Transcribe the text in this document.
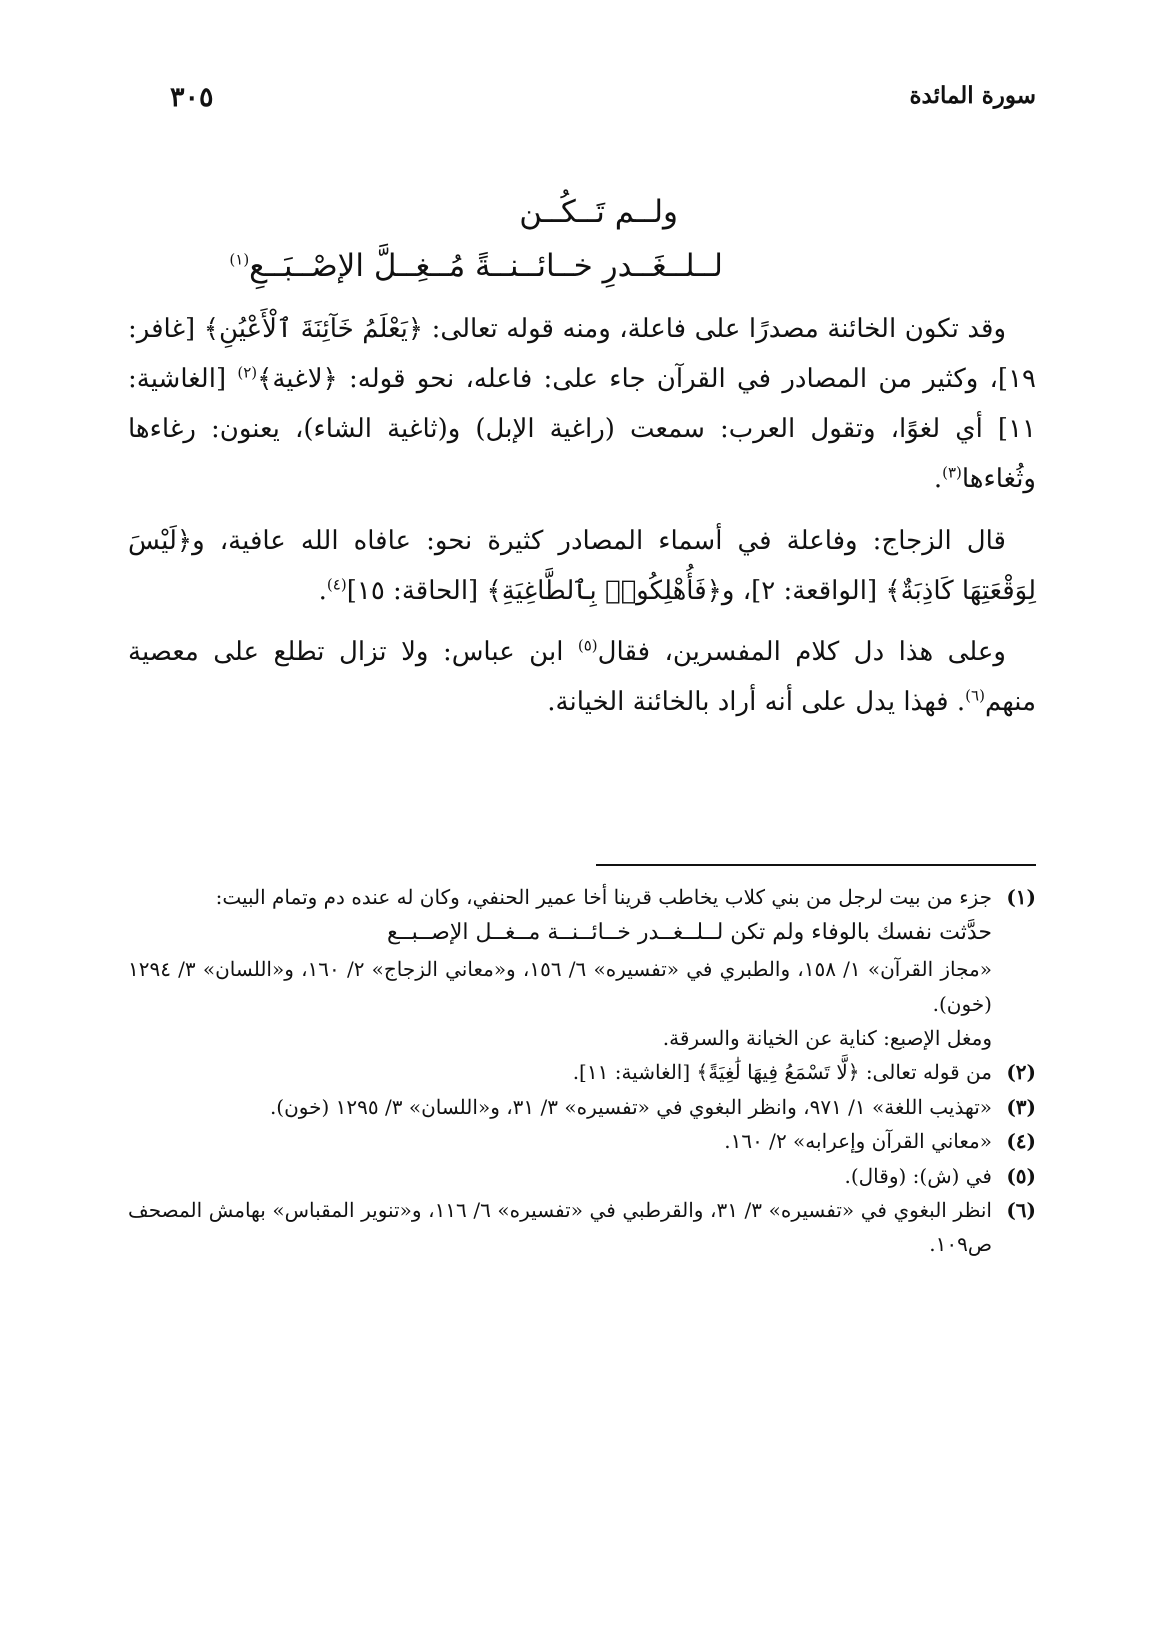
سورة المائدة
٣٠٥
ولــم تَــكُــن
لــلــغَــدرِ خــائــنــةً مُــغِــلَّ الإصْــبَــعِ$^{(١)}$

وقد تكون الخائنة مصدرًا على فاعلة، ومنه قوله تعالى: ﴿يَعْلَمُ خَآئِنَةَ ٱلْأَعْيُنِ﴾ [غافر: ١٩]، وكثير من المصادر في القرآن جاء على: فاعله، نحو قوله: ﴿لاغية﴾$^{(٢)}$ [الغاشية: ١١] أي لغوًا، وتقول العرب: سمعت (راغية الإبل) و(ثاغية الشاء)، يعنون: رغاءها وثُغاءها$^{(٣)}$.

قال الزجاج: وفاعلة في أسماء المصادر كثيرة نحو: عافاه الله عافية، و﴿لَيْسَ لِوَقْعَتِهَا كَاذِبَةٌ﴾ [الواقعة: ٢]، و﴿فَأُهْلِكُوا۟ بِٱلطَّاغِيَةِ﴾ [الحاقة: ١٥]$^{(٤)}$.

وعلى هذا دل كلام المفسرين، فقال$^{(٥)}$ ابن عباس: ولا تزال تطلع على معصية منهم$^{(٦)}$. فهذا يدل على أنه أراد بالخائنة الخيانة.

(١)
جزء من بيت لرجل من بني كلاب يخاطب قرينا أخا عمير الحنفي، وكان له عنده دم وتمام البيت:
حدَّثت نفسك بالوفاء ولم تكن لــلــغــدر خــائــنــة مــغــل الإصــبــع
«مجاز القرآن» ١/ ١٥٨، والطبري في «تفسيره» ٦/ ١٥٦، و«معاني الزجاج» ٢/ ١٦٠، و«اللسان» ٣/ ١٢٩٤ (خون).
ومغل الإصبع: كناية عن الخيانة والسرقة.
(٢)
من قوله تعالى: ﴿لَّا تَسْمَعُ فِيهَا لَٰغِيَةً﴾ [الغاشية: ١١].
(٣)
«تهذيب اللغة» ١/ ٩٧١، وانظر البغوي في «تفسيره» ٣/ ٣١، و«اللسان» ٣/ ١٢٩٥ (خون).
(٤)
«معاني القرآن وإعرابه» ٢/ ١٦٠.
(٥)
في (ش): (وقال).
(٦)
انظر البغوي في «تفسيره» ٣/ ٣١، والقرطبي في «تفسيره» ٦/ ١١٦، و«تنوير المقباس» بهامش المصحف ص١٠٩.
